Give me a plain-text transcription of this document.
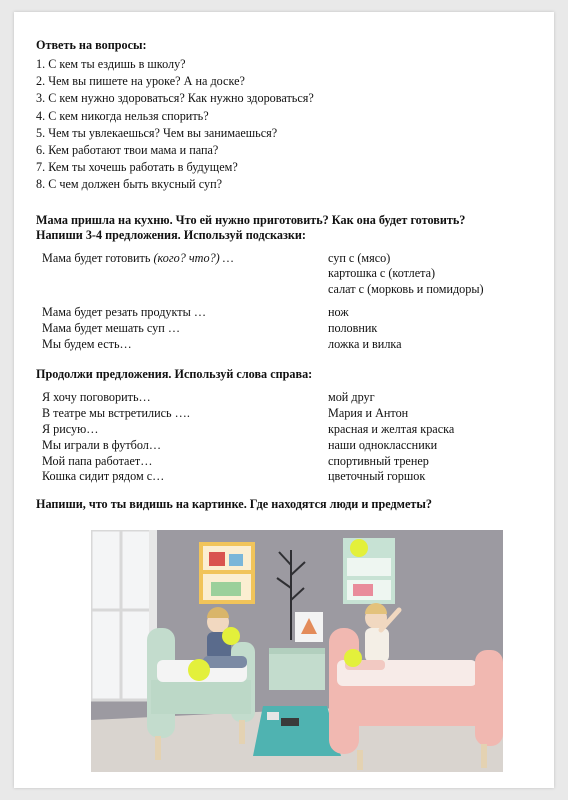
Ответь на вопросы:

1. С кем ты ездишь в школу?

2. Чем вы пишете на уроке? А на доске?

3. С кем нужно здороваться? Как нужно здороваться?

4. С кем никогда нельзя спорить?

5. Чем ты увлекаешься? Чем вы занимаешься?

6. Кем работают твои мама и папа?

7. Кем ты хочешь работать в будущем?

8. С чем должен быть вкусный суп?

Мама пришла на кухню. Что ей нужно приготовить? Как она будет готовить?

Напиши 3-4 предложения. Используй подсказки:

Мама будет готовить (кого? что?) …	суп с (мясо)
картошка с (котлета)
салат с (морковь и помидоры)
Мама будет резать продукты …	нож
Мама будет мешать суп …	половник
Мы будем есть…	ложка и вилка

Продолжи предложения. Используй слова справа:

Я хочу поговорить…	мой друг
В театре мы встретились ….	Мария и Антон
Я рисую…	красная и желтая краска
Мы играли в футбол…	наши одноклассники
Мой папа работает…	спортивный тренер
Кошка сидит рядом с…	цветочный горшок

Напиши, что ты видишь на картинке. Где находятся люди и предметы?
